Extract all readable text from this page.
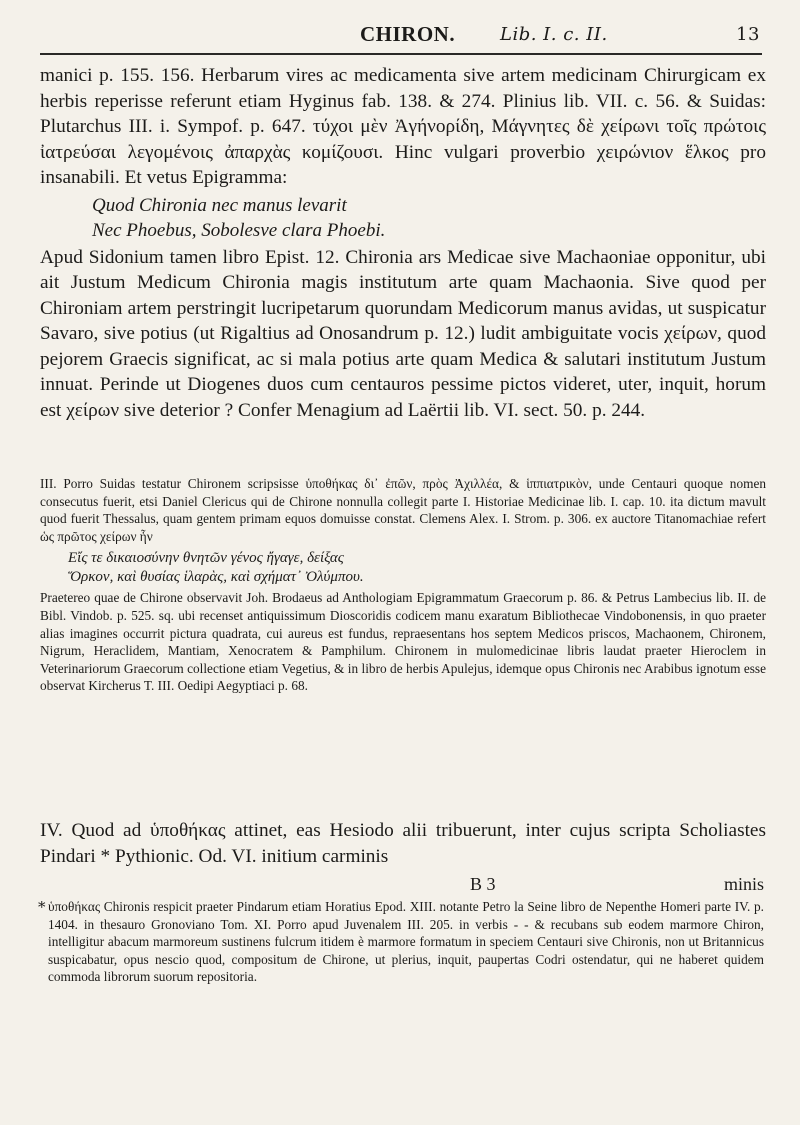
CHIRON. Lib. I. c. II.	13

manici p. 155. 156. Herbarum vires ac medicamenta sive artem medicinam Chirurgicam ex herbis reperisse referunt etiam Hyginus fab. 138. & 274. Plinius lib. VII. c. 56. & Suidas: Plutarchus III. i. Sympof. p. 647. τύχοι μὲν Ἀγήνορίδη, Μάγνητες δὲ χείρωνι τοῖς πρώτοις ἰατρεύσαι λεγομένοις ἀπαρχὰς κομίζουσι. Hinc vulgari proverbio χειρώνιον ἕλκος pro insanabili. Et vetus Epigramma:

Quod Chironia nec manus levarit
Nec Phoebus, Sobolesve clara Phoebi.

Apud Sidonium tamen libro Epist. 12. Chironia ars Medicae sive Machaoniae opponitur, ubi ait Justum Medicum Chironia magis institutum arte quam Machaonia. Sive quod per Chironiam artem perstringit lucripetarum quorundam Medicorum manus avidas, ut suspicatur Savaro, sive potius (ut Rigaltius ad Onosandrum p. 12.) ludit ambiguitate vocis χείρων, quod pejorem Graecis significat, ac si mala potius arte quam Medica & salutari institutum Justum innuat. Perinde ut Diogenes duos cum centauros pessime pictos videret, uter, inquit, horum est χείρων sive deterior ? Confer Menagium ad Laërtii lib. VI. sect. 50. p. 244.

III. Porro Suidas testatur Chironem scripsisse ὑποθήκας δι᾽ ἐπῶν, πρὸς Ἀχιλλέα, & ἱππιατρικὸν, unde Centauri quoque nomen consecutus fuerit, etsi Daniel Clericus qui de Chirone nonnulla collegit parte I. Historiae Medicinae lib. I. cap. 10. ita dictum mavult quod fuerit Thessalus, quam gentem primam equos domuisse constat. Clemens Alex. I. Strom. p. 306. ex auctore Titanomachiae refert ὡς πρῶτος χείρων ἦν

Εἴς τε δικαιοσύνην θνητῶν γένος ἤγαγε, δείξας
Ὅρκον, καὶ θυσίας ἱλαρὰς, καὶ σχήματ᾽ Ὀλύμπου.

Praetereo quae de Chirone observavit Joh. Brodaeus ad Anthologiam Epigrammatum Graecorum p. 86. & Petrus Lambecius lib. II. de Bibl. Vindob. p. 525. sq. ubi recenset antiquissimum Dioscoridis codicem manu exaratum Bibliothecae Vindobonensis, in quo praeter alias imagines occurrit pictura quadrata, cui aureus est fundus, repraesentans hos septem Medicos priscos, Machaonem, Chironem, Nigrum, Heraclidem, Mantiam, Xenocratem & Pamphilum. Chironem in mulomedicinae libris laudat praeter Hieroclem in Veterinariorum Graecorum collectione etiam Vegetius, & in libro de herbis Apulejus, idemque opus Chironis nec Arabibus ignotum esse observat Kircherus T. III. Oedipi Aegyptiaci p. 68.

IV. Quod ad ὑποθήκας attinet, eas Hesiodo alii tribuerunt, inter cujus scripta Scholiastes Pindari * Pythionic. Od. VI. initium carminis
B 3	minis
* ὑποθήκας Chironis respicit praeter Pindarum etiam Horatius Epod. XIII. notante Petro la Seine libro de Nepenthe Homeri parte IV. p. 1404. in thesauro Gronoviano Tom. XI. Porro apud Juvenalem III. 205. in verbis - - & recubans sub eodem marmore Chiron, intelligitur abacum marmoreum sustinens fulcrum itidem è marmore formatum in speciem Centauri sive Chironis, non ut Britannicus suspicabatur, opus nescio quod, compositum de Chirone, ut plerius, inquit, paupertas Codri ostendatur, qui ne haberet quidem commoda librorum suorum repositoria.
